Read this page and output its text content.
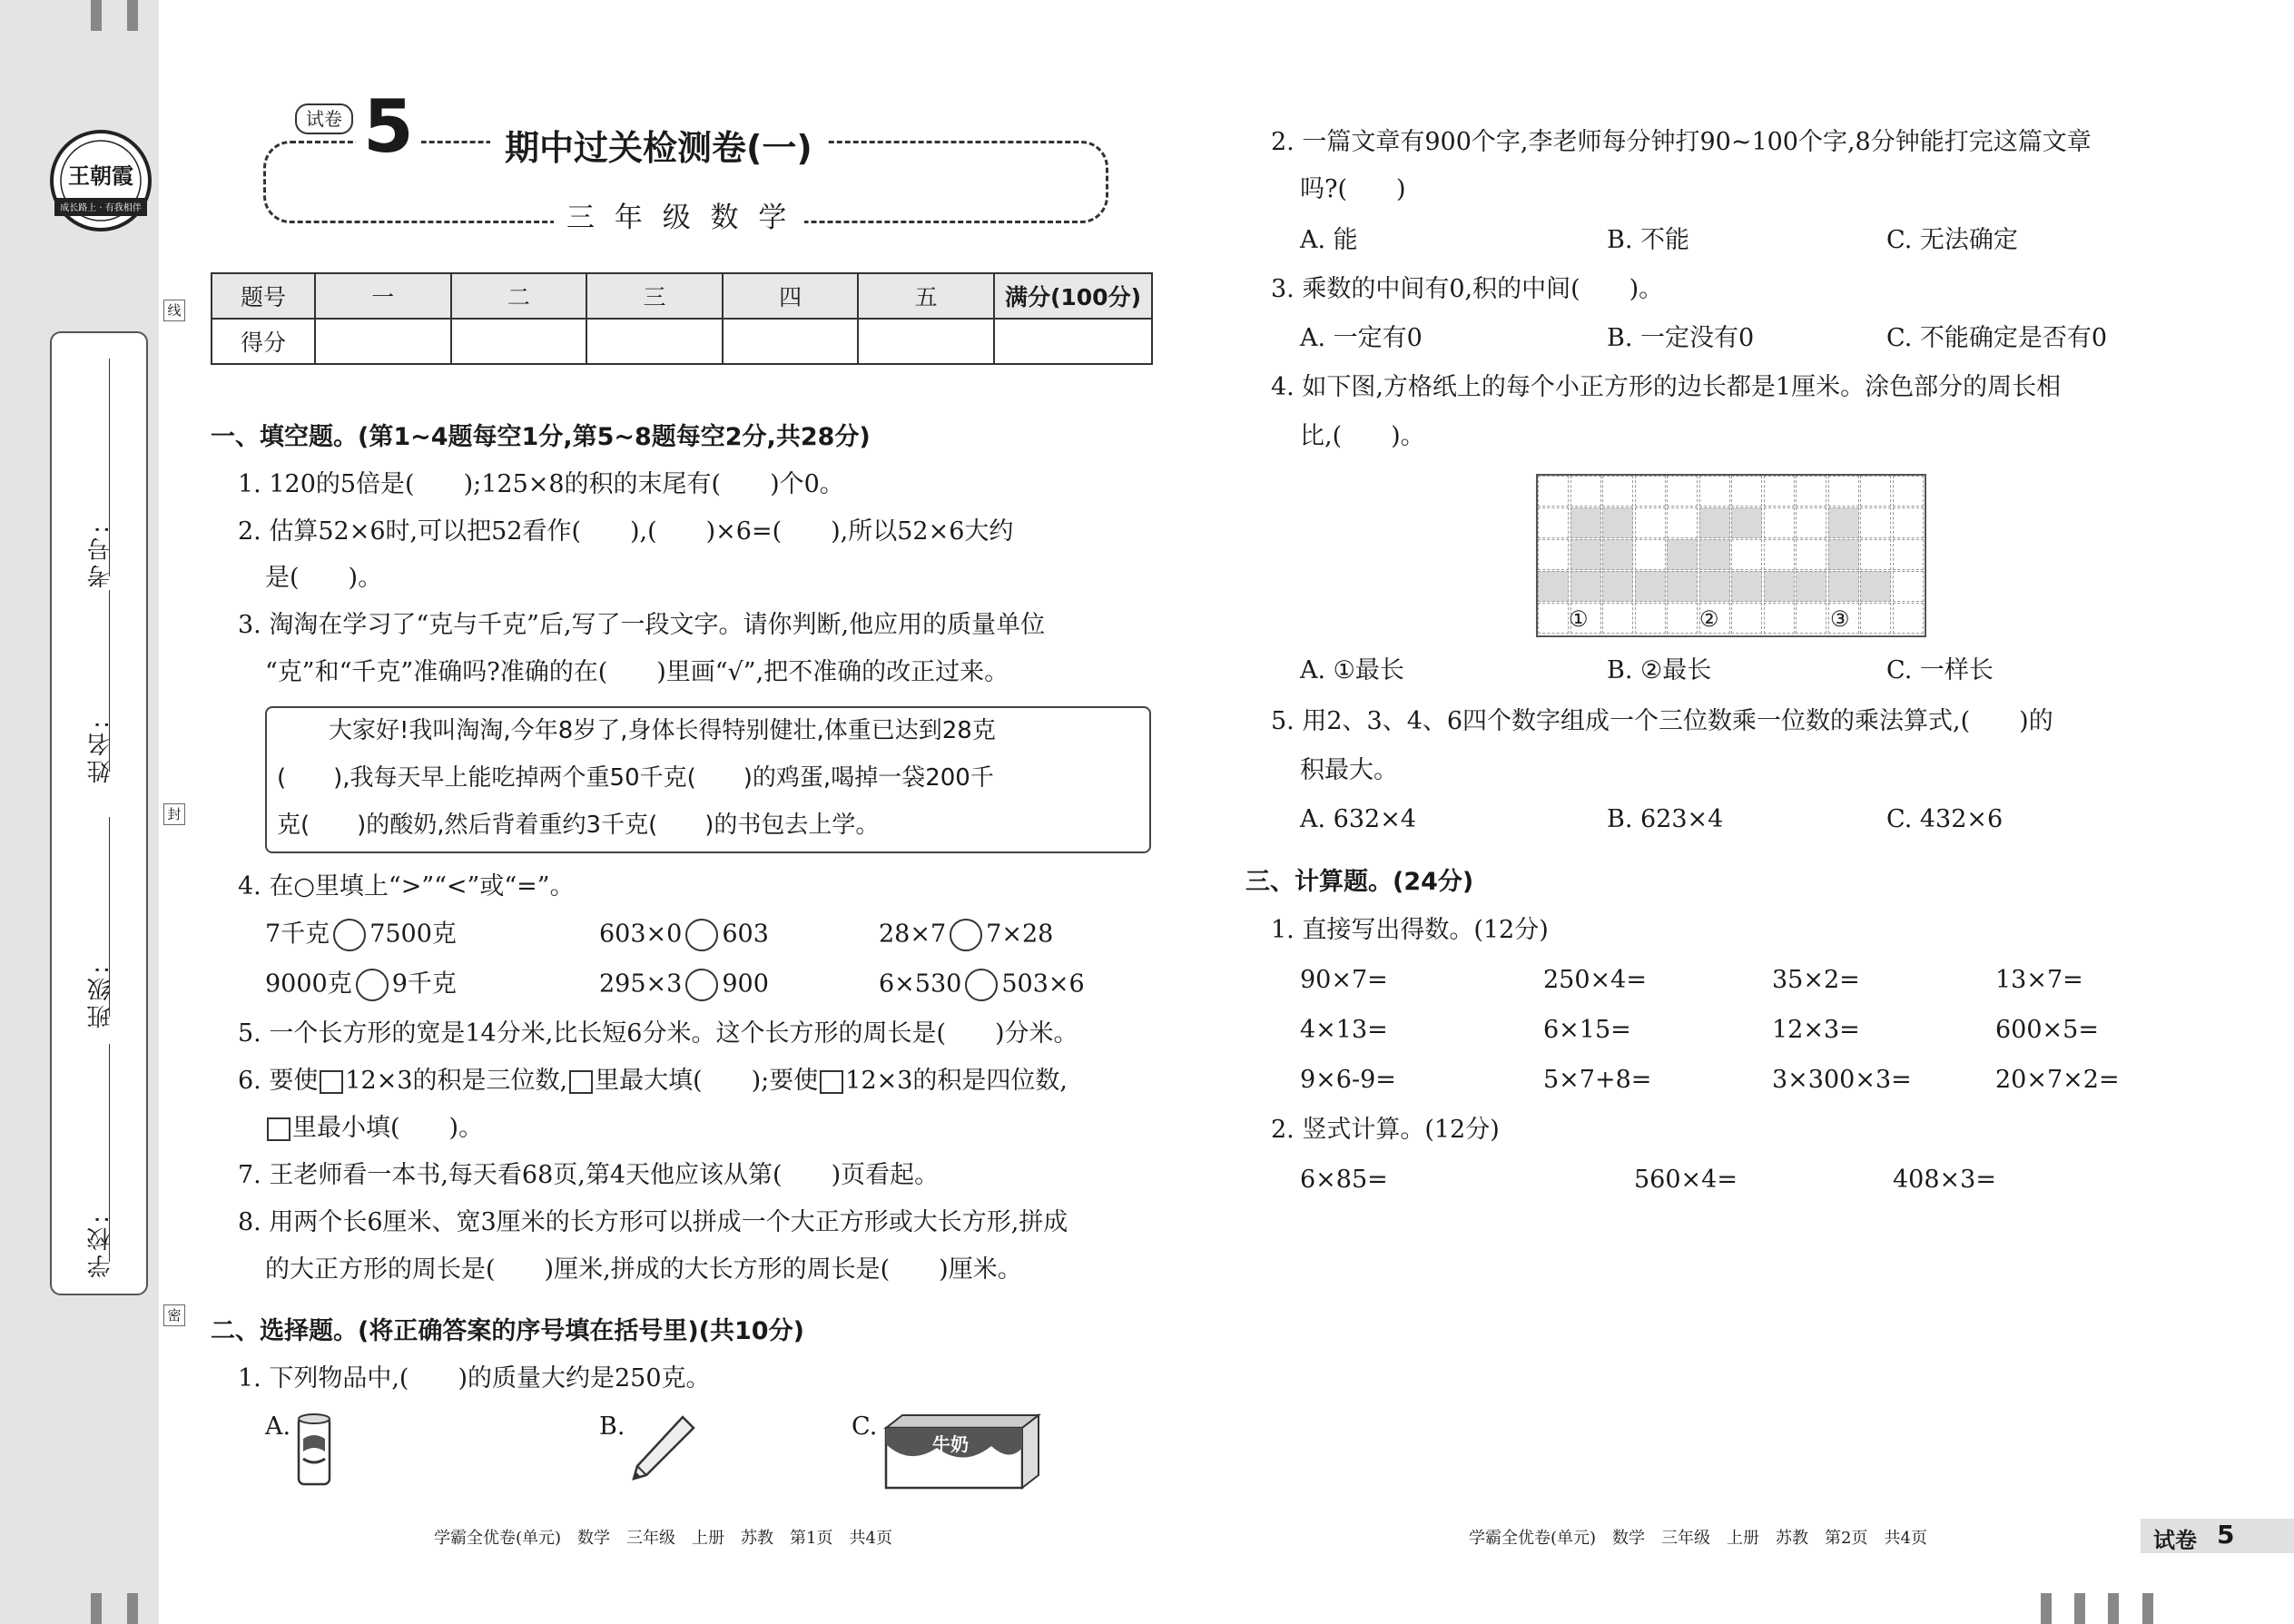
王朝霞
成长路上 · 有我相伴
考号:
姓名:
班级:
学校:
线
封
密
试卷 5	期中过关检测卷(一)
三 年 级 数 学
题号	一	二	三	四	五	满分(100分)
得分						
一、填空题。(第1~4题每空1分,第5~8题每空2分,共28分)
1. 120的5倍是(　　);125×8的积的末尾有(　　)个0。
2. 估算52×6时,可以把52看作(　　),(　　)×6=(　　),所以52×6大约
是(　　)。
3. 淘淘在学习了“克与千克”后,写了一段文字。请你判断,他应用的质量单位
“克”和“千克”准确吗?准确的在(　　)里画“√”,把不准确的改正过来。
大家好!我叫淘淘,今年8岁了,身体长得特别健壮,体重已达到28克
(　　),我每天早上能吃掉两个重50千克(　　)的鸡蛋,喝掉一袋200千
克(　　)的酸奶,然后背着重约3千克(　　)的书包去上学。
4. 在○里填上“>”“<”或“=”。
7千克 7500克	603×0 603	28×7 7×28
9000克 9千克	295×3 900	6×530 503×6
5. 一个长方形的宽是14分米,比长短6分米。这个长方形的周长是(　　)分米。
6. 要使 12×3的积是三位数, 里最大填(　　);要使 12×3的积是四位数,
里最小填(　　)。
7. 王老师看一本书,每天看68页,第4天他应该从第(　　)页看起。
8. 用两个长6厘米、宽3厘米的长方形可以拼成一个大正方形或大长方形,拼成
的大正方形的周长是(　　)厘米,拼成的大长方形的周长是(　　)厘米。
二、选择题。(将正确答案的序号填在括号里)(共10分)
1. 下列物品中,(　　)的质量大约是250克。
A.	B.	C.
牛奶
学霸全优卷(单元)　数学　三年级　上册　苏教　第1页　共4页
2. 一篇文章有900个字,李老师每分钟打90~100个字,8分钟能打完这篇文章
吗?(　　)
A. 能	B. 不能	C. 无法确定
3. 乘数的中间有0,积的中间(　　)。
A. 一定有0	B. 一定没有0	C. 不能确定是否有0
4. 如下图,方格纸上的每个小正方形的边长都是1厘米。涂色部分的周长相
比,(　　)。
①	②	③
A. ①最长	B. ②最长	C. 一样长
5. 用2、3、4、6四个数字组成一个三位数乘一位数的乘法算式,(　　)的
积最大。
A. 632×4	B. 623×4	C. 432×6
三、计算题。(24分)
1. 直接写出得数。(12分)
90×7=	250×4=	35×2=	13×7=
4×13=	6×15=	12×3=	600×5=
9×6-9=	5×7+8=	3×300×3=	20×7×2=
2. 竖式计算。(12分)
6×85=	560×4=	408×3=
学霸全优卷(单元)　数学　三年级　上册　苏教　第2页　共4页	试卷 5
